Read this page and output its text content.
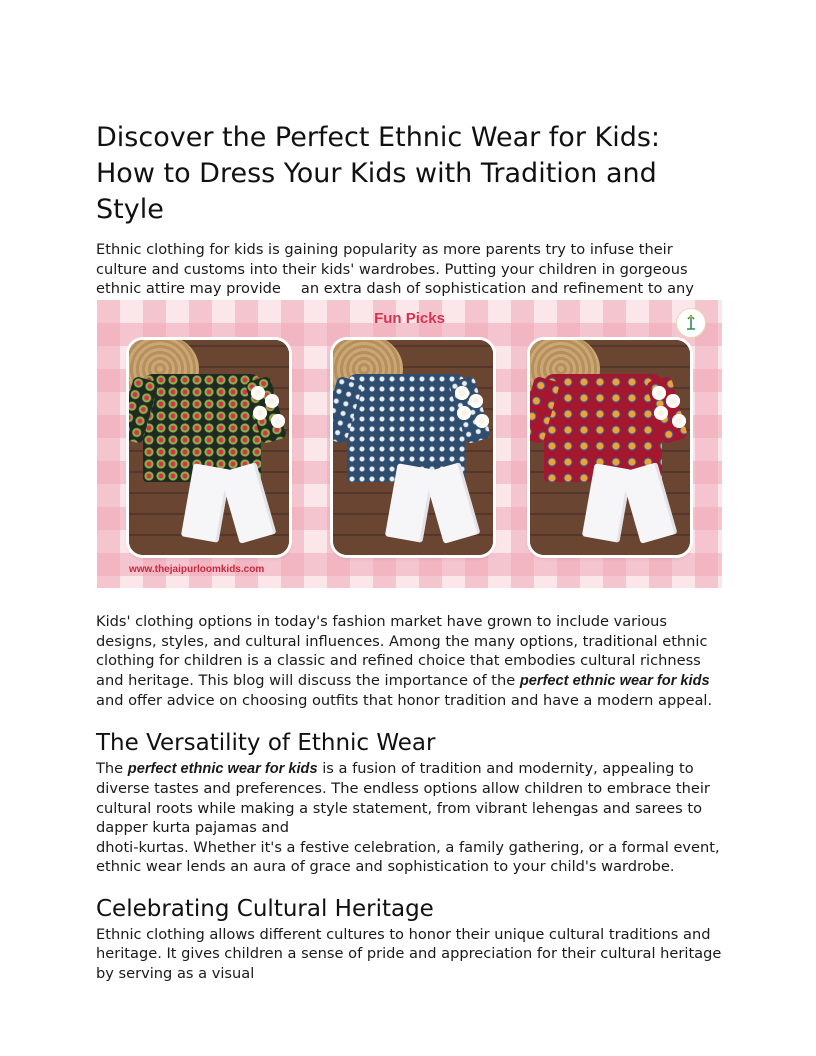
Discover the Perfect Ethnic Wear for Kids: How to Dress Your Kids with Tradition and Style

Ethnic clothing for kids is gaining popularity as more parents try to infuse their culture and customs into their kids' wardrobes. Putting your children in gorgeous ethnic attire may provide an extra dash of sophistication and refinement to any

Fun Picks
www.thejaipurloomkids.com

Kids' clothing options in today's fashion market have grown to include various designs, styles, and cultural influences. Among the many options, traditional ethnic clothing for children is a classic and refined choice that embodies cultural richness and heritage. This blog will discuss the importance of the perfect ethnic wear for kids and offer advice on choosing outfits that honor tradition and have a modern appeal.

The Versatility of Ethnic Wear

The perfect ethnic wear for kids is a fusion of tradition and modernity, appealing to diverse tastes and preferences. The endless options allow children to embrace their cultural roots while making a style statement, from vibrant lehengas and sarees to dapper kurta pajamas and

dhoti-kurtas. Whether it's a festive celebration, a family gathering, or a formal event, ethnic wear lends an aura of grace and sophistication to your child's wardrobe.

Celebrating Cultural Heritage

Ethnic clothing allows different cultures to honor their unique cultural traditions and heritage. It gives children a sense of pride and appreciation for their cultural heritage by serving as a visual
